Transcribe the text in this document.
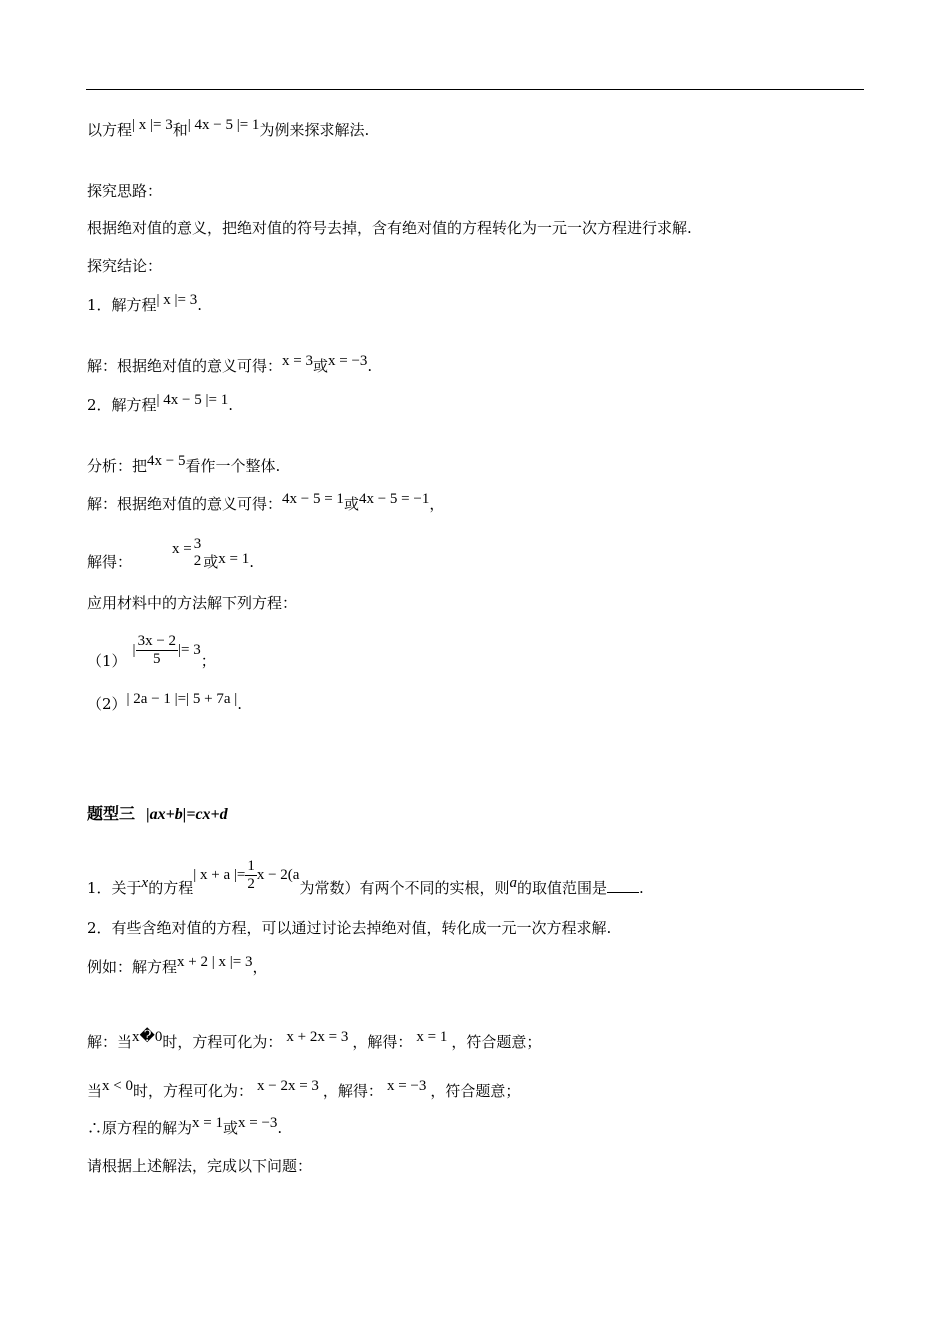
以方程| x |= 3和| 4x − 5 |= 1为例来探求解法.
探究思路：
根据绝对值的意义，把绝对值的符号去掉，含有绝对值的方程转化为一元一次方程进行求解.
探究结论：
1．解方程| x |= 3.
解：根据绝对值的意义可得：x = 3或x = −3.
2．解方程| 4x − 5 |= 1.
分析：把4x − 5看作一个整体.
解：根据绝对值的意义可得：4x − 5 = 1或4x − 5 = −1，
解得：x = 3
2 或x = 1.
应用材料中的方法解下列方程：
$(1)| \frac{3x - 2}{5}$ |= 3；
（2）| 2a − 1 |=| 5 + 7a |.
题型三 |ax+b|=cx+d
1．关于x的方程| x + a |= $\frac{1}{2}$ x − 2(a为常数）有两个不同的实根，则a的取值范围是 .
2．有些含绝对值的方程，可以通过讨论去掉绝对值，转化成一元一次方程求解.
例如：解方程x + 2 | x |= 3，
解：当x�0时，方程可化为： x + 2x = 3 ，解得： x = 1 ，符合题意；
当x < 0时，方程可化为： x − 2x = 3 ，解得： x = −3 ，符合题意；
∴原方程的解为x = 1或x = −3.
请根据上述解法，完成以下问题：
